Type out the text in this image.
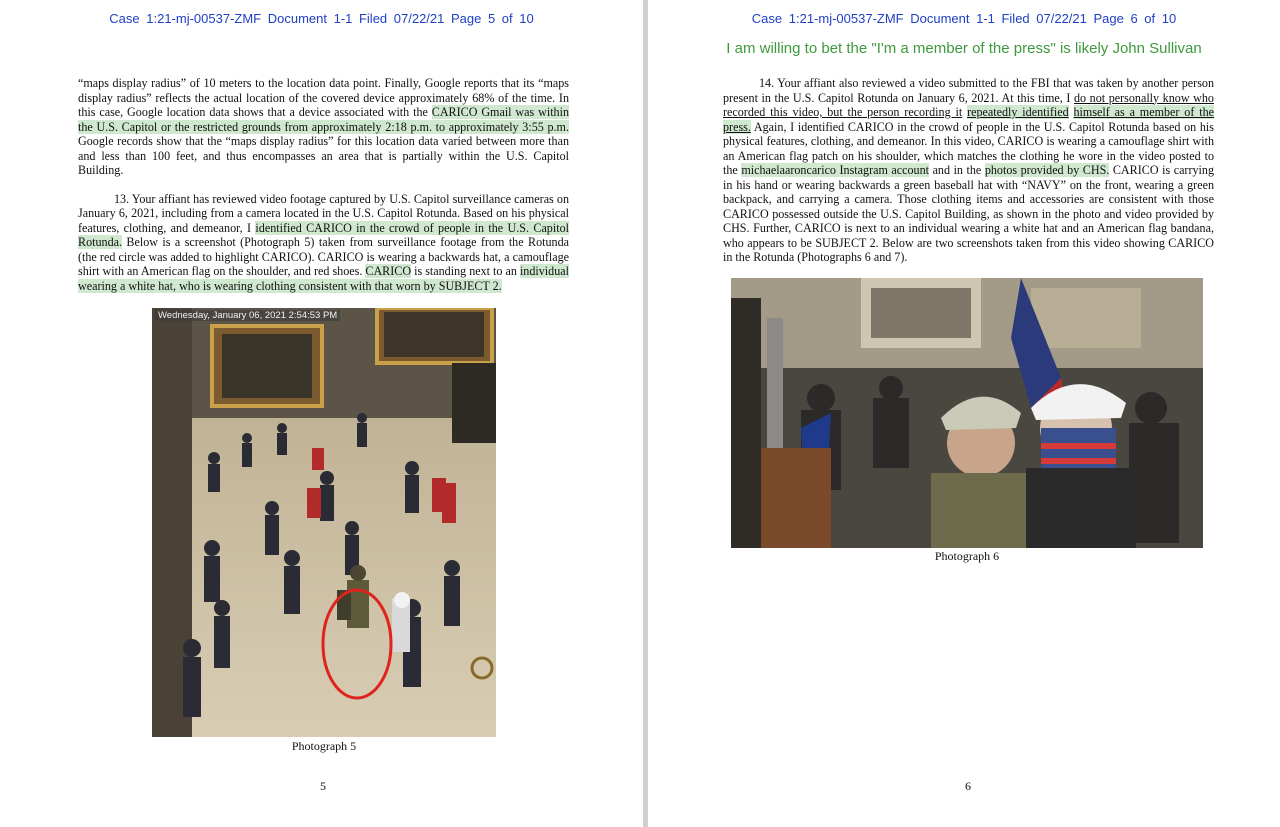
Case 1:21-mj-00537-ZMF Document 1-1 Filed 07/22/21 Page 5 of 10

“maps display radius” of 10 meters to the location data point. Finally, Google reports that its “maps display radius” reflects the actual location of the covered device approximately 68% of the time. In this case, Google location data shows that a device associated with the CARICO Gmail was within the U.S. Capitol or the restricted grounds from approximately 2:18 p.m. to approximately 3:55 p.m. Google records show that the “maps display radius” for this location data varied between more than and less than 100 feet, and thus encompasses an area that is partially within the U.S. Capitol Building.

13. Your affiant has reviewed video footage captured by U.S. Capitol surveillance cameras on January 6, 2021, including from a camera located in the U.S. Capitol Rotunda. Based on his physical features, clothing, and demeanor, I identified CARICO in the crowd of people in the U.S. Capitol Rotunda. Below is a screenshot (Photograph 5) taken from surveillance footage from the Rotunda (the red circle was added to highlight CARICO). CARICO is wearing a backwards hat, a camouflage shirt with an American flag on the shoulder, and red shoes. CARICO is standing next to an individual wearing a white hat, who is wearing clothing consistent with that worn by SUBJECT 2.

Wednesday, January 06, 2021 2:54:53 PM
Photograph 5
5
Case 1:21-mj-00537-ZMF Document 1-1 Filed 07/22/21 Page 6 of 10
I am willing to bet the "I'm a member of the press" is likely John Sullivan

14. Your affiant also reviewed a video submitted to the FBI that was taken by another person present in the U.S. Capitol Rotunda on January 6, 2021. At this time, I do not personally know who recorded this video, but the person recording it repeatedly identified himself as a member of the press. Again, I identified CARICO in the crowd of people in the U.S. Capitol Rotunda based on his physical features, clothing, and demeanor. In this video, CARICO is wearing a camouflage shirt with an American flag patch on his shoulder, which matches the clothing he wore in the video posted to the michaelaaroncarico Instagram account and in the photos provided by CHS. CARICO is carrying in his hand or wearing backwards a green baseball hat with “NAVY” on the front, wearing a green backpack, and carrying a camera. Those clothing items and accessories are consistent with those CARICO possessed outside the U.S. Capitol Building, as shown in the photo and video provided by CHS. Further, CARICO is next to an individual wearing a white hat and an American flag bandana, who appears to be SUBJECT 2. Below are two screenshots taken from this video showing CARICO in the Rotunda (Photographs 6 and 7).

Photograph 6
6
